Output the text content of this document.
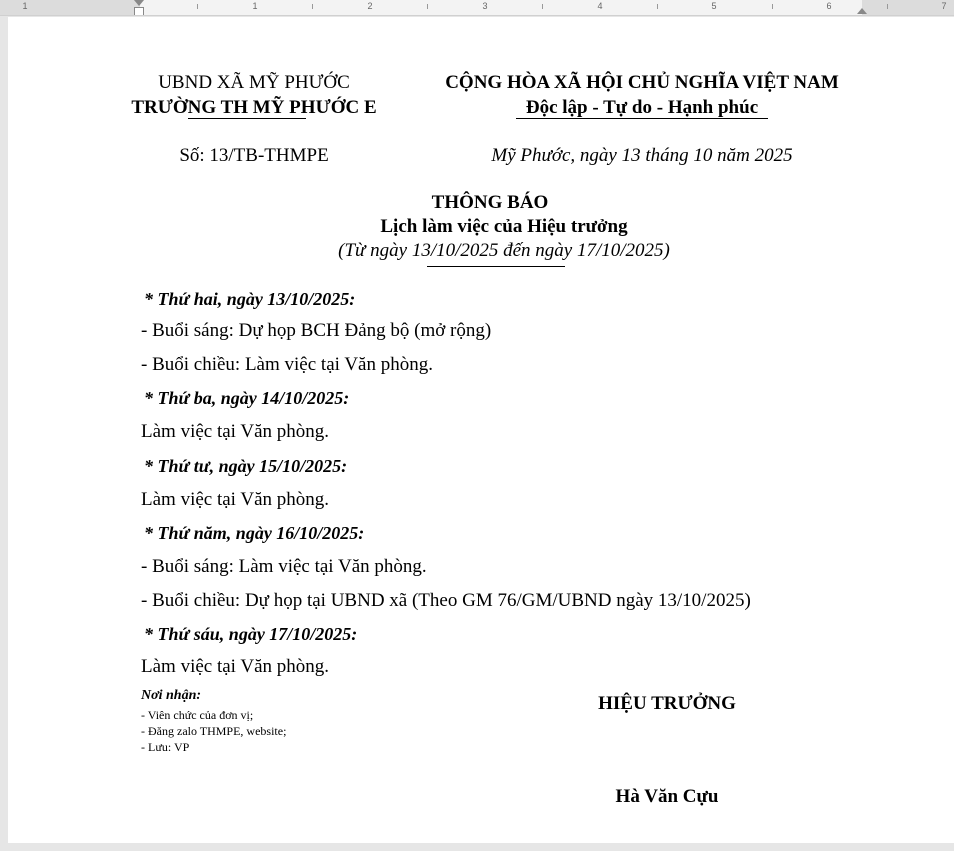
1	1	2	3	4	5	6	7
UBND XÃ MỸ PHƯỚC
TRƯỜNG TH MỸ PHƯỚC E
CỘNG HÒA XÃ HỘI CHỦ NGHĨA VIỆT NAM
Độc lập - Tự do - Hạnh phúc
Số: 13/TB-THMPE	Mỹ Phước, ngày 13 tháng 10 năm 2025
THÔNG BÁO
Lịch làm việc của Hiệu trưởng
(Từ ngày 13/10/2025 đến ngày 17/10/2025)
* Thứ hai, ngày 13/10/2025:
- Buổi sáng: Dự họp BCH Đảng bộ (mở rộng)
- Buổi chiều: Làm việc tại Văn phòng.
* Thứ ba, ngày 14/10/2025:
Làm việc tại Văn phòng.
* Thứ tư, ngày 15/10/2025:
Làm việc tại Văn phòng.
* Thứ năm, ngày 16/10/2025:
- Buổi sáng: Làm việc tại Văn phòng.
- Buổi chiều: Dự họp tại UBND xã (Theo GM 76/GM/UBND ngày 13/10/2025)
* Thứ sáu, ngày 17/10/2025:
Làm việc tại Văn phòng.
Nơi nhận:
- Viên chức của đơn vị;
- Đăng zalo THMPE, website;
- Lưu: VP
HIỆU TRƯỞNG
Hà Văn Cựu
